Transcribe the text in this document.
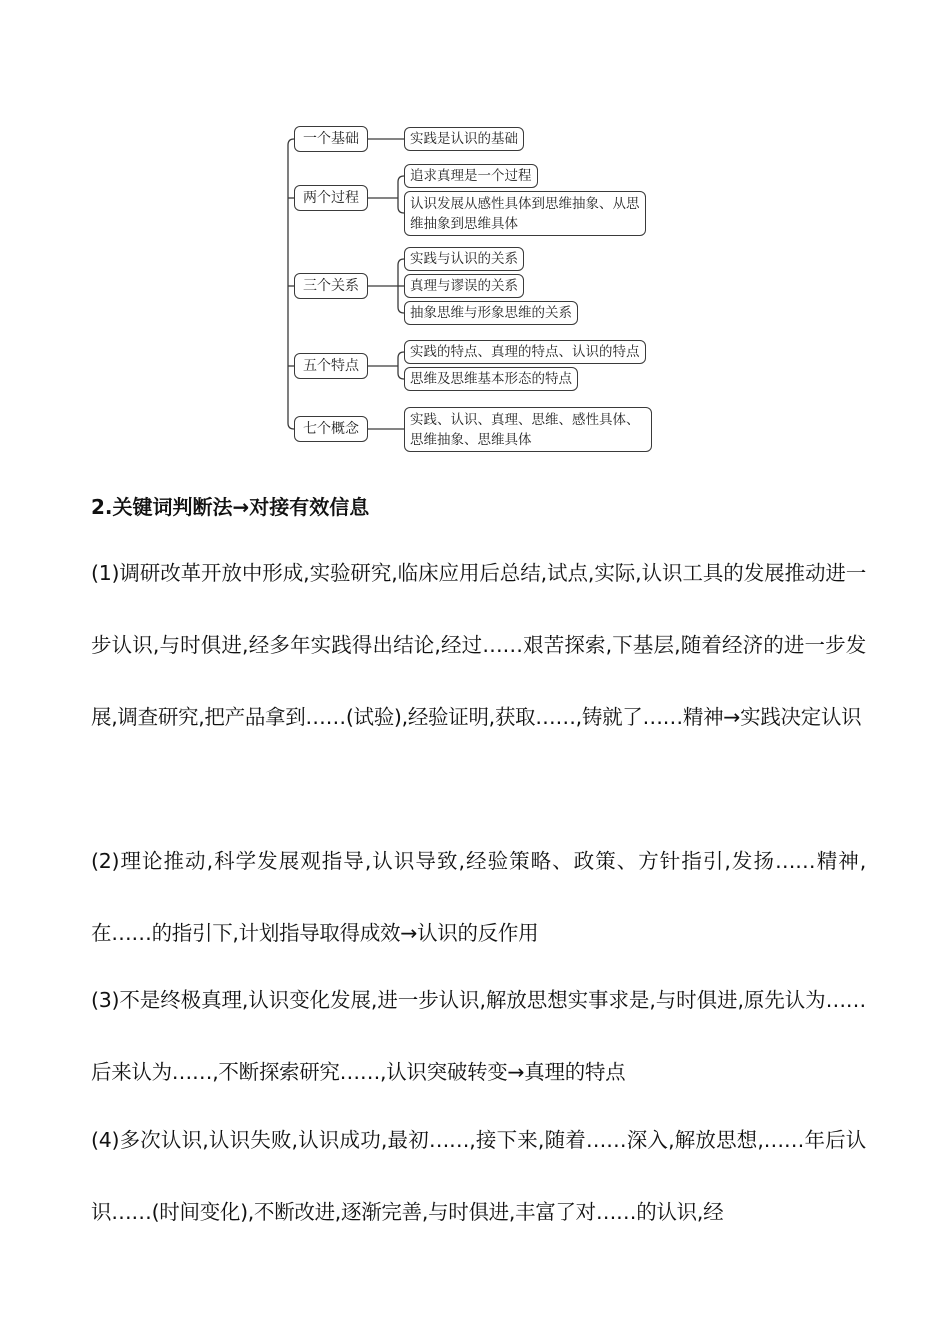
一个基础
两个过程
三个关系
五个特点
七个概念
实践是认识的基础
追求真理是一个过程
认识发展从感性具体到思维抽象、从思维抽象到思维具体
实践与认识的关系
真理与谬误的关系
抽象思维与形象思维的关系
实践的特点、真理的特点、认识的特点
思维及思维基本形态的特点
实践、认识、真理、思维、感性具体、思维抽象、思维具体
2.关键词判断法→对接有效信息
(1)调研改革开放中形成,实验研究,临床应用后总结,试点,实际,认识工具的发展推动进一步认识,与时俱进,经多年实践得出结论,经过……艰苦探索,下基层,随着经济的进一步发展,调查研究,把产品拿到……(试验),经验证明,获取……,铸就了……精神→实践决定认识
(2)理论推动,科学发展观指导,认识导致,经验策略、政策、方针指引,发扬……精神,在……的指引下,计划指导取得成效→认识的反作用
(3)不是终极真理,认识变化发展,进一步认识,解放思想实事求是,与时俱进,原先认为……后来认为……,不断探索研究……,认识突破转变→真理的特点
(4)多次认识,认识失败,认识成功,最初……,接下来,随着……深入,解放思想,……年后认识……(时间变化),不断改进,逐渐完善,与时俱进,丰富了对……的认识,经
